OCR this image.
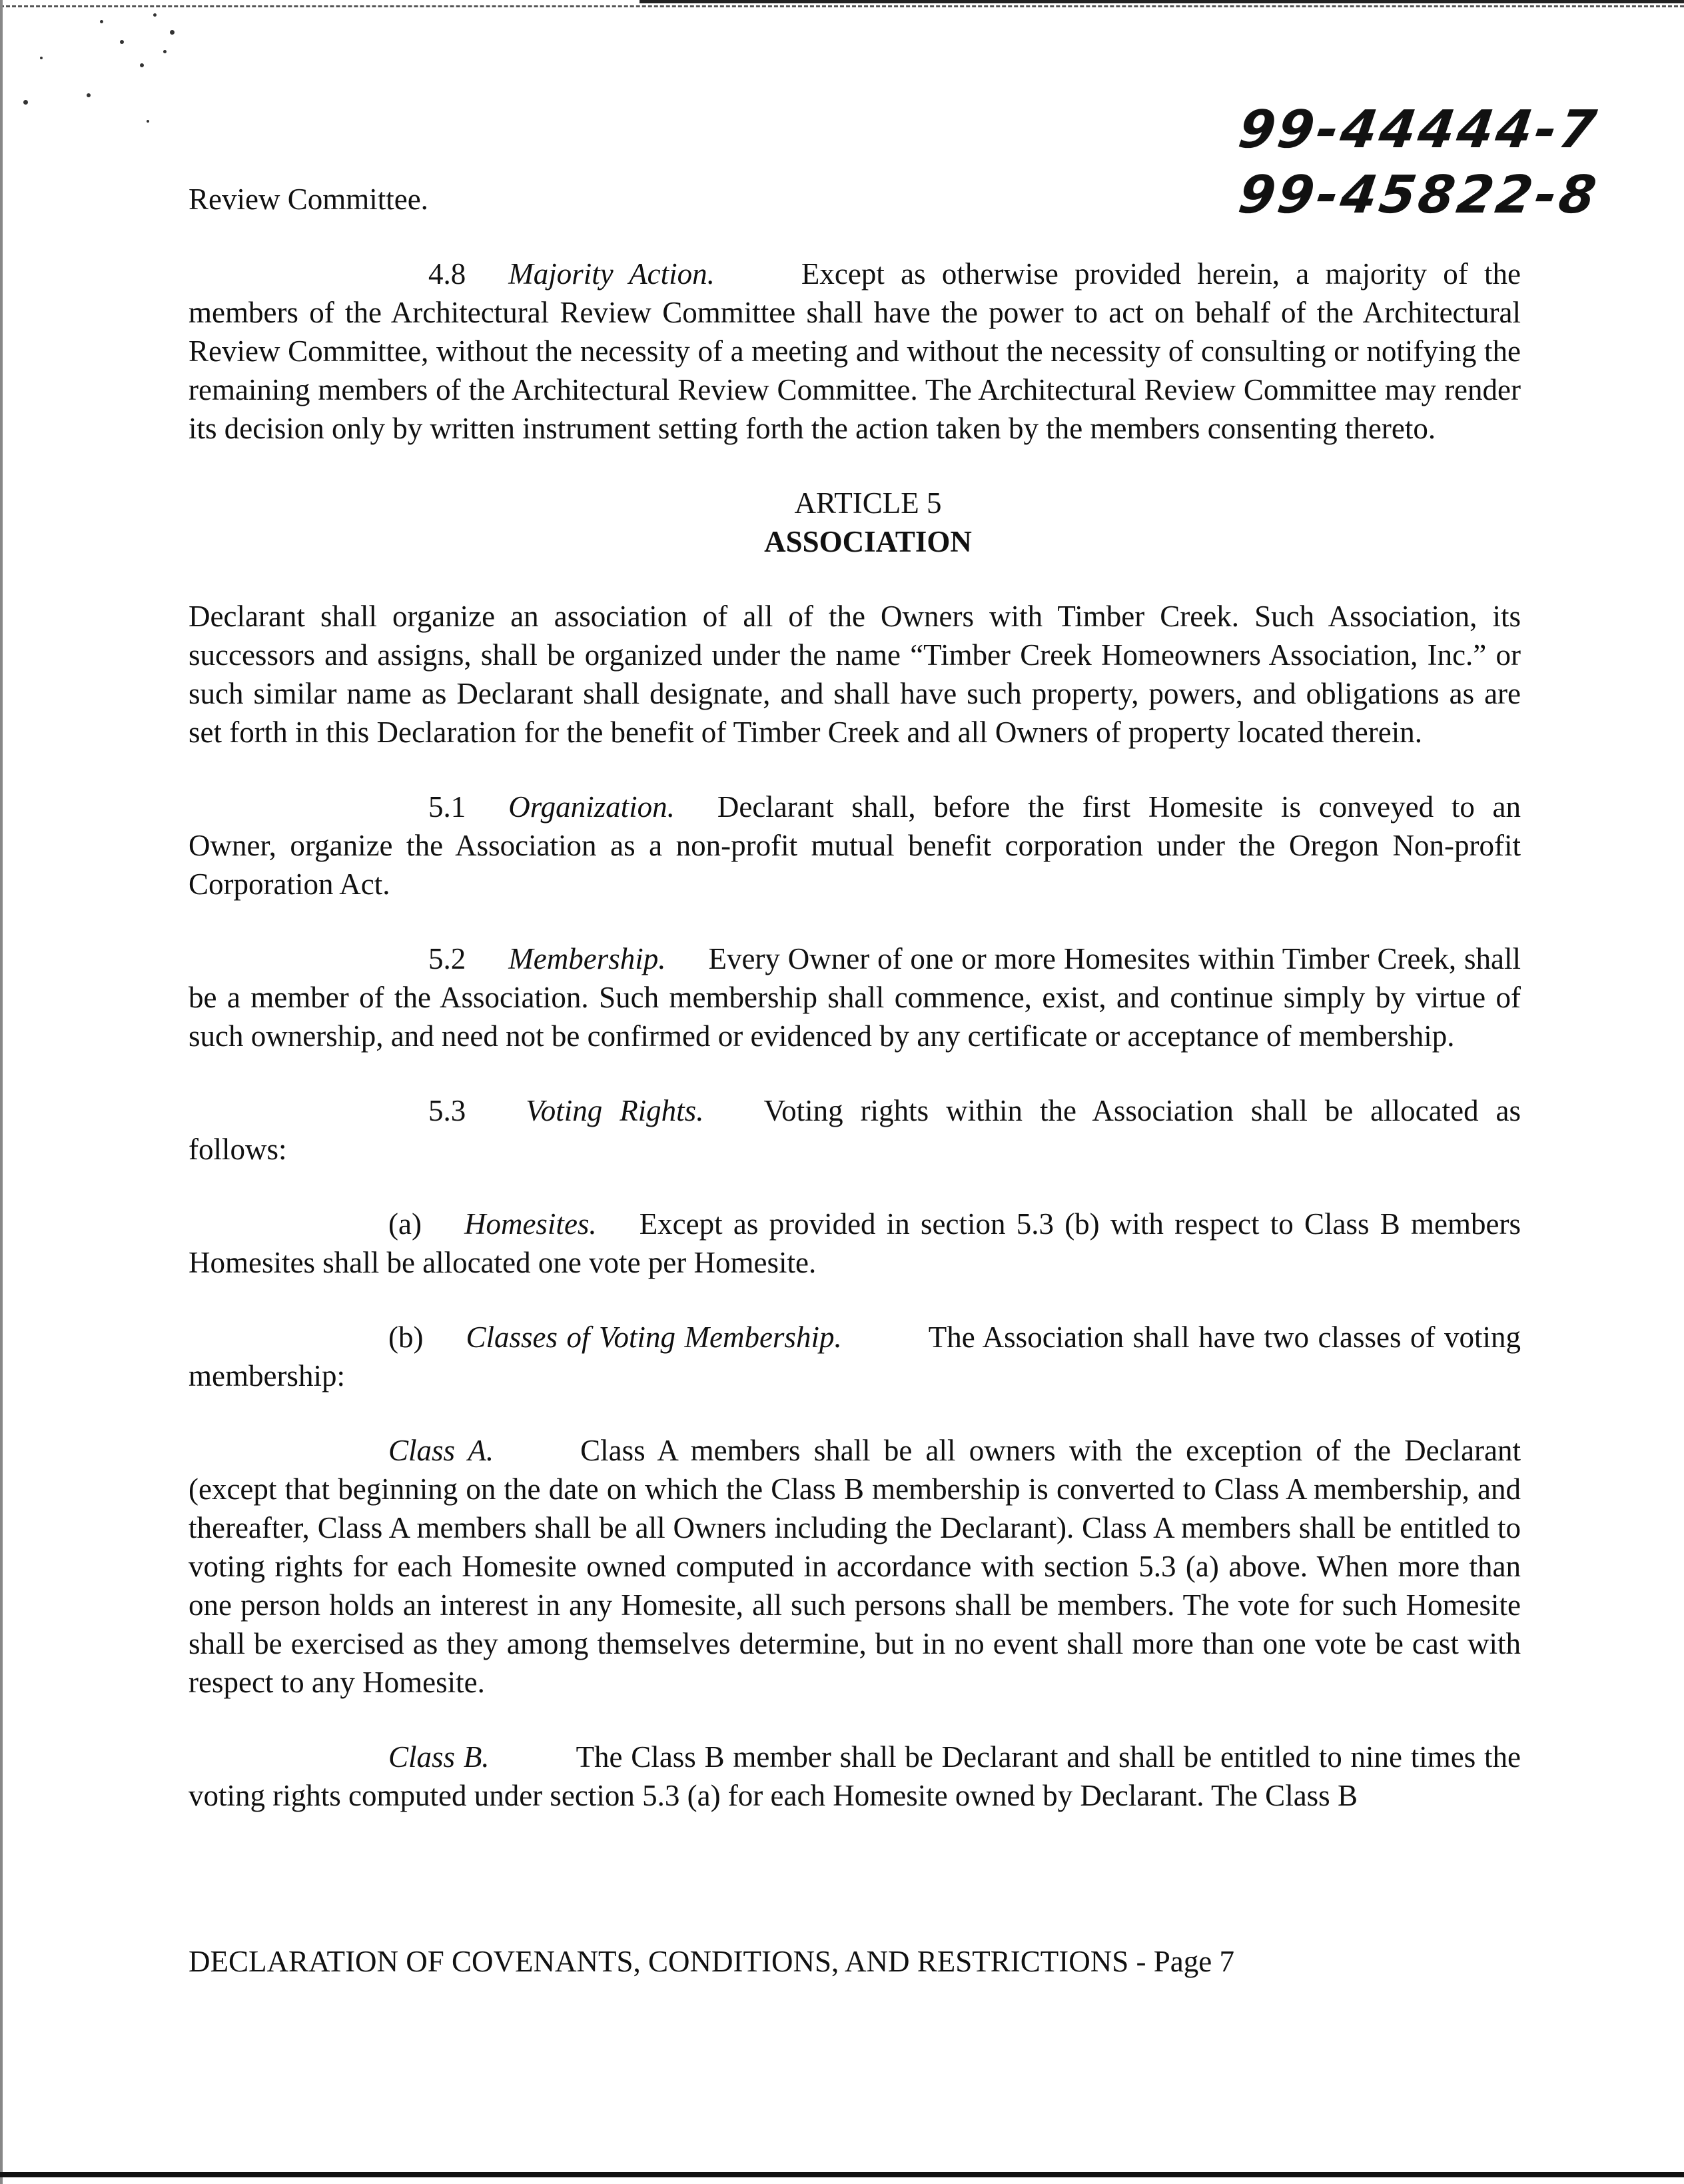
99-44444-7
99-45822-8

Review Committee.

4.8 Majority Action.	Except as otherwise provided herein, a majority of the members of the Architectural Review Committee shall have the power to act on behalf of the Architectural Review Committee, without the necessity of a meeting and without the necessity of consulting or notifying the remaining members of the Architectural Review Committee. The Architectural Review Committee may render its decision only by written instrument setting forth the action taken by the members consenting thereto.

ARTICLE 5
ASSOCIATION

Declarant shall organize an association of all of the Owners with Timber Creek. Such Association, its successors and assigns, shall be organized under the name “Timber Creek Homeowners Association, Inc.” or such similar name as Declarant shall designate, and shall have such property, powers, and obligations as are set forth in this Declaration for the benefit of Timber Creek and all Owners of property located therein.

5.1 Organization. Declarant shall, before the first Homesite is conveyed to an Owner, organize the Association as a non-profit mutual benefit corporation under the Oregon Non-profit Corporation Act.

5.2 Membership. Every Owner of one or more Homesites within Timber Creek, shall be a member of the Association. Such membership shall commence, exist, and continue simply by virtue of such ownership, and need not be confirmed or evidenced by any certificate or acceptance of membership.

5.3 Voting Rights. Voting rights within the Association shall be allocated as follows:

(a) Homesites. Except as provided in section 5.3 (b) with respect to Class B members Homesites shall be allocated one vote per Homesite.

(b) Classes of Voting Membership.	The Association shall have two classes of voting membership:

Class A.	Class A members shall be all owners with the exception of the Declarant (except that beginning on the date on which the Class B membership is converted to Class A membership, and thereafter, Class A members shall be all Owners including the Declarant). Class A members shall be entitled to voting rights for each Homesite owned computed in accordance with section 5.3 (a) above. When more than one person holds an interest in any Homesite, all such persons shall be members. The vote for such Homesite shall be exercised as they among themselves determine, but in no event shall more than one vote be cast with respect to any Homesite.

Class B.	The Class B member shall be Declarant and shall be entitled to nine times the voting rights computed under section 5.3 (a) for each Homesite owned by Declarant. The Class B

DECLARATION OF COVENANTS, CONDITIONS, AND RESTRICTIONS - Page 7
